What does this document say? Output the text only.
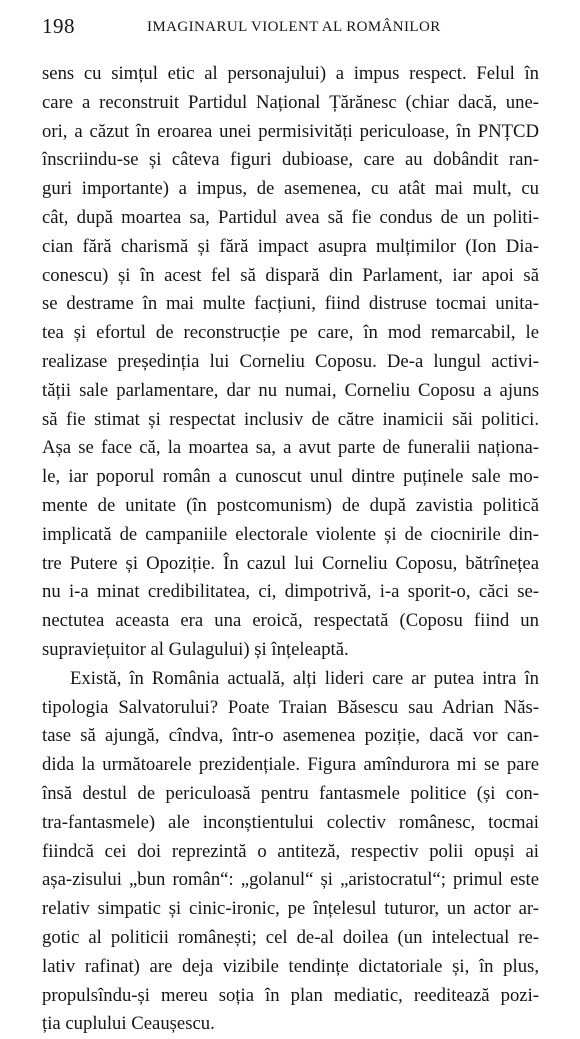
198	IMAGINARUL VIOLENT AL ROMÂNILOR

sens cu simțul etic al personajului) a impus respect. Felul în
care a reconstruit Partidul Național Țărănesc (chiar dacă, une-
ori, a căzut în eroarea unei permisivități periculoase, în PNȚCD
înscriindu-se și câteva figuri dubioase, care au dobândit ran-
guri importante) a impus, de asemenea, cu atât mai mult, cu
cât, după moartea sa, Partidul avea să fie condus de un politi-
cian fără charismă și fără impact asupra mulțimilor (Ion Dia-
conescu) și în acest fel să dispară din Parlament, iar apoi să
se destrame în mai multe facțiuni, fiind distruse tocmai unita-
tea și efortul de reconstrucție pe care, în mod remarcabil, le
realizase președinția lui Corneliu Coposu. De-a lungul activi-
tății sale parlamentare, dar nu numai, Corneliu Coposu a ajuns
să fie stimat și respectat inclusiv de către inamicii săi politici.
Așa se face că, la moartea sa, a avut parte de funeralii naționa-
le, iar poporul român a cunoscut unul dintre puținele sale mo-
mente de unitate (în postcomunism) de după zavistia politică
implicată de campaniile electorale violente și de ciocnirile din-
tre Putere și Opoziție. În cazul lui Corneliu Coposu, bătrînețea
nu i-a minat credibilitatea, ci, dimpotrivă, i-a sporit-o, căci se-
nectutea aceasta era una eroică, respectată (Coposu fiind un
supraviețuitor al Gulagului) și înțeleaptă.

Există, în România actuală, alți lideri care ar putea intra în
tipologia Salvatorului? Poate Traian Băsescu sau Adrian Năs-
tase să ajungă, cîndva, într-o asemenea poziție, dacă vor can-
dida la următoarele prezidențiale. Figura amîndurora mi se pare
însă destul de periculoasă pentru fantasmele politice (și con-
tra-fantasmele) ale inconștientului colectiv românesc, tocmai
fiindcă cei doi reprezintă o antiteză, respectiv polii opuși ai
așa-zisului „bun român“: „golanul“ și „aristocratul“; primul este
relativ simpatic și cinic-ironic, pe înțelesul tuturor, un actor ar-
gotic al politicii românești; cel de-al doilea (un intelectual re-
lativ rafinat) are deja vizibile tendințe dictatoriale și, în plus,
propulsîndu-și mereu soția în plan mediatic, reeditează pozi-
ția cuplului Ceaușescu.
